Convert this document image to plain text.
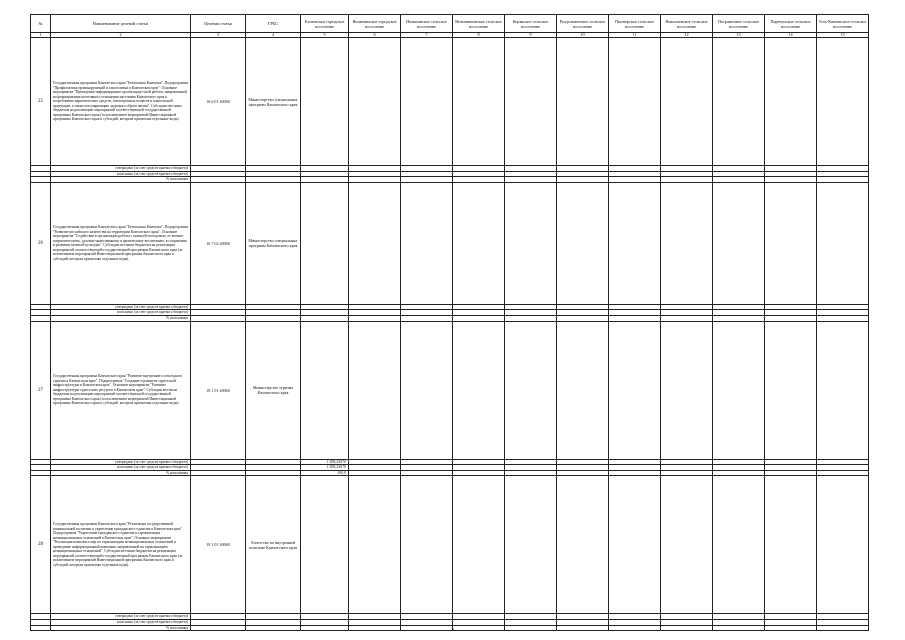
№	Наименование целевой статьи	Целевая статья	ГРБС	Елизовское городское поселение	Вилючинское городское поселение	Начикинское сельское поселение	Новоавачинское сельское поселение	Корякское сельское поселение	Раздольненское сельское поселение	Пионерское сельское поселение	Николаевское сельское поселение	Пограничное сельское поселение	Паратунское сельское поселение	Усть-Камчатское сельское поселение
1	2	3	4	5	6	7	8	9	10	11	12	13	14	15
25	Государственная программа Камчатского края "Безопасная Камчатка". Подпрограмма "Профилактика правонарушений и алкоголизма в Камчатском крае". Основное мероприятие "Проведение информационно-пропагандистской работы, направленной на формирование негативного отношения населения Камчатского края к потреблению наркотических средств, психотропных веществ и алкогольной продукции, а также популяризацию здорового образа жизни". Субсидии местным бюджетам на реализацию мероприятий соответствующей государственной программы Камчатского края (за исключением мероприятий Инвестиционной программы Камчатского края и субсидий, которым присвоены отдельные коды).	16 6 01 40060	Министерство специальных программ Камчатского края											
	утверждено (за счет средств краевого бюджета)													
	исполнено (за счет средств краевого бюджета)													
	% исполнения													
26	Государственная программа Камчатского края "Безопасная Камчатка". Подпрограмма "Развитие российского казачества на территории Камчатского края". Основное мероприятие "Содействие в организации работы с казачьей молодежью, ее военно-патриотическому, духовно-нравственному и физическому воспитанию, в сохранении и развитии казачьей культуры". Субсидии местным бюджетам на реализацию мероприятий соответствующей государственной программы Камчатского края (за исключением мероприятий Инвестиционной программы Камчатского края и субсидий, которым присвоены отдельные коды).	16 7 02 40060	Министерство специальных программ Камчатского края											
	утверждено (за счет средств краевого бюджета)													
	исполнено (за счет средств краевого бюджета)													
	% исполнения													
27	Государственная программа Камчатского края "Развитие внутреннего и въездного туризма в Камчатском крае". Подпрограмма "Создание и развитие туристской инфраструктуры в Камчатском крае". Основное мероприятие "Развитие инфраструктуры туристских ресурсов в Камчатском крае". Субсидии местным бюджетам на реализацию мероприятий соответствующей государственной программы Камчатского края (за исключением мероприятий Инвестиционной программы Камчатского края и субсидий, которым присвоены отдельные коды).	18 1 01 40060	Министерство туризма Камчатского края											
	утверждено (за счет средств краевого бюджета)			1 298,23670										
	исполнено (за счет средств краевого бюджета)			1 298,23670										
	% исполнения			100,0										
28	Государственная программа Камчатского края "Реализация государственной национальной политики и укрепление гражданского единства в Камчатском крае". Подпрограмма "Укрепление гражданского единства и гармонизация межнациональных отношений в Камчатском крае". Основное мероприятие "Реализация комплекса мер по гармонизации межнациональных отношений и проведение информационной кампании, направленной на гармонизацию межнациональных отношений". Субсидии местным бюджетам на реализацию мероприятий соответствующей государственной программы Камчатского края (за исключением мероприятий Инвестиционной программы Камчатского края и субсидий, которым присвоены отдельные коды).	19 1 01 40060	Агентство по внутренней политике Камчатского края											
	утверждено (за счет средств краевого бюджета)													
	исполнено (за счет средств краевого бюджета)													
	% исполнения														8
